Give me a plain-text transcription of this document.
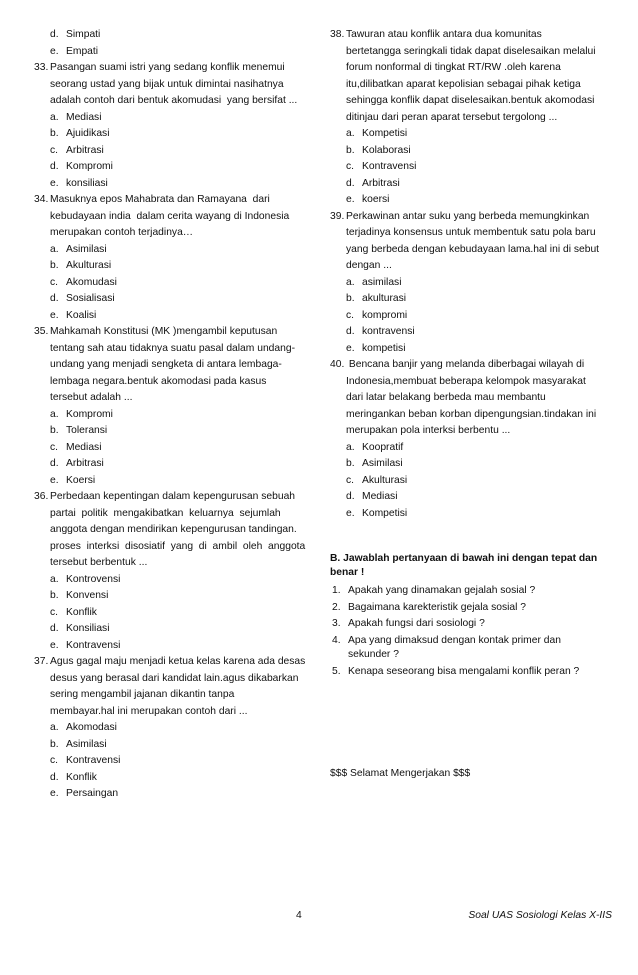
d. Simpati
e. Empati
33. Pasangan suami istri yang sedang konflik menemui
seorang ustad yang bijak untuk dimintai nasihatnya
adalah contoh dari bentuk akomudasi  yang bersifat ...
a. Mediasi
b. Ajuidikasi
c. Arbitrasi
d. Kompromi
e. konsiliasi
34. Masuknya epos Mahabrata dan Ramayana  dari
kebudayaan india  dalam cerita wayang di Indonesia
merupakan contoh terjadinya…
a. Asimilasi
b. Akulturasi
c. Akomudasi
d. Sosialisasi
e. Koalisi
35. Mahkamah Konstitusi (MK )mengambil keputusan
tentang sah atau tidaknya suatu pasal dalam undang-
undang yang menjadi sengketa di antara lembaga-
lembaga negara.bentuk akomodasi pada kasus
tersebut adalah ...
a. Kompromi
b. Toleransi
c. Mediasi
d. Arbitrasi
e. Koersi
36. Perbedaan kepentingan dalam kepengurusan sebuah
partai  politik  mengakibatkan  keluarnya  sejumlah
anggota dengan mendirikan kepengurusan tandingan.
proses  interksi  disosiatif  yang  di  ambil  oleh  anggota
tersebut berbentuk ...
a. Kontrovensi
b. Konvensi
c. Konflik
d. Konsiliasi
e. Kontravensi
37. Agus gagal maju menjadi ketua kelas karena ada desas
desus yang berasal dari kandidat lain.agus dikabarkan
sering mengambil jajanan dikantin tanpa
membayar.hal ini merupakan contoh dari ...
a. Akomodasi
b. Asimilasi
c. Kontravensi
d. Konflik
e. Persaingan
38. Tawuran atau konflik antara dua komunitas
bertetangga seringkali tidak dapat diselesaikan melalui
forum nonformal di tingkat RT/RW .oleh karena
itu,dilibatkan aparat kepolisian sebagai pihak ketiga
sehingga konflik dapat diselesaikan.bentuk akomodasi
ditinjau dari peran aparat tersebut tergolong ...
a. Kompetisi
b. Kolaborasi
c. Kontravensi
d. Arbitrasi
e. koersi
39. Perkawinan antar suku yang berbeda memungkinkan
terjadinya konsensus untuk membentuk satu pola baru
yang berbeda dengan kebudayaan lama.hal ini di sebut
dengan ...
a. asimilasi
b. akulturasi
c. kompromi
d. kontravensi
e. kompetisi
40. Bencana banjir yang melanda diberbagai wilayah di
Indonesia,membuat beberapa kelompok masyarakat
dari latar belakang berbeda mau membantu
meringankan beban korban dipengungsian.tindakan ini
merupakan pola interksi berbentu ...
a. Koopratif
b. Asimilasi
c. Akulturasi
d. Mediasi
e. Kompetisi
B. Jawablah pertanyaan di bawah ini dengan tepat dan
benar !
1. Apakah yang dinamakan gejalah sosial ?
2. Bagaimana karekteristik gejala sosial ?
3. Apakah fungsi dari sosiologi ?
4. Apa yang dimaksud dengan kontak primer dan
sekunder ?
5. Kenapa seseorang bisa mengalami konflik peran ?
$$$ Selamat Mengerjakan $$$
4	Soal UAS Sosiologi Kelas X-IIS
